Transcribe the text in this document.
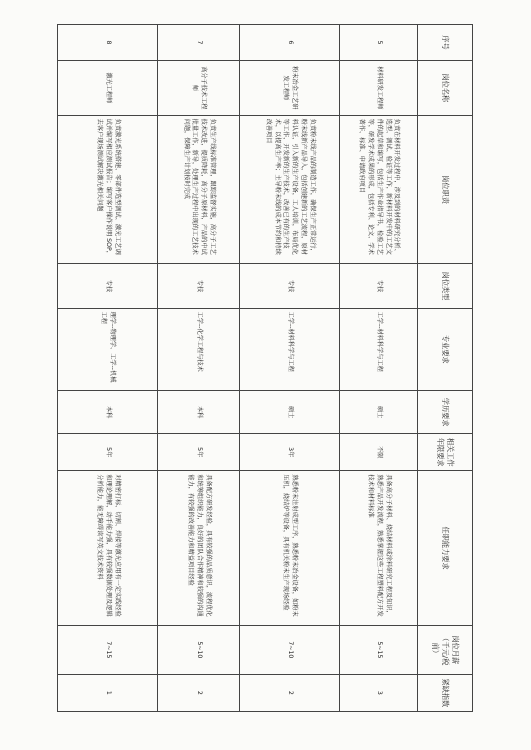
序号	岗位名称	岗位职责	岗位类型	专业要求	学历要求	相关工作年限要求	任职能力要求	岗位月薪（千元/税前）	紧缺指数
5	材料研发工程师	负责在材料开发过程中，涉及到的材料研究分析、选型、测试、验证等工作，新材料开发中的工艺文件的起草和编写，包括生产作业指导书，检验工艺等，研发学术成果的形成，包括专利、论文、学术著作、标准、申请政府项目	专技	工学--材料科学与工程	硕士	不限	具备高分子材料、烧结材料或涂料研究工程及知识，熟悉产品开发流程，熟悉掌握这些工程塑料配方开发技术和材料标准	5~15	3
6	粉末冶金工艺研发工程师	负责粉末线产品的制造工作，确保生产正常运行，粉末线新产品导入，包括创建新的工艺流程，原材料认证，引入新的生产设备，工人培训，布局优化等工作，开发新的生产技术，改善已有的生产技术，以提高生产率；主导粉末线的成本节约和持续改善项目	专技	工学--材料科学与工程	硕士	3年	熟悉粉末注射成型工序，熟悉粉末冶金设备，如粉末压机，烧结炉等设备，具有机关粉末生产现场经验	7~10	2
7	高分子技术工程师	负责生产线标准管理，跟踪监督实施，高分子工艺技术改进，提质降耗，高分子原材料，产品的中试批量工作，新导，处理生产过程中出现的工艺技术问题，保障生产计划按时完成	专技	工学--化学工程与技术	本科	5年	具备配方研发经验，具有较强的品质意识，流程优化和统筹组织能力，良好的团队合作精神和较强的沟通能力，有较强的改善能力和精益项目经验	5~10	2
8	激光工程师	负责激光系统搭建、零部件选型测试、激光工艺调试并编写相应测试报告；编写客户操作说明 SOP，去客户现场测试解决激光相关问题	专技	理学--物理学、工学--机械工程	本科	5年	对精密打标、切割、焊接等激光应用有一定实践经验和理论理解，动手能力强，具有较强数据处理及逻辑分析能力，能无障碍读写英文技术资料	7~15	1
